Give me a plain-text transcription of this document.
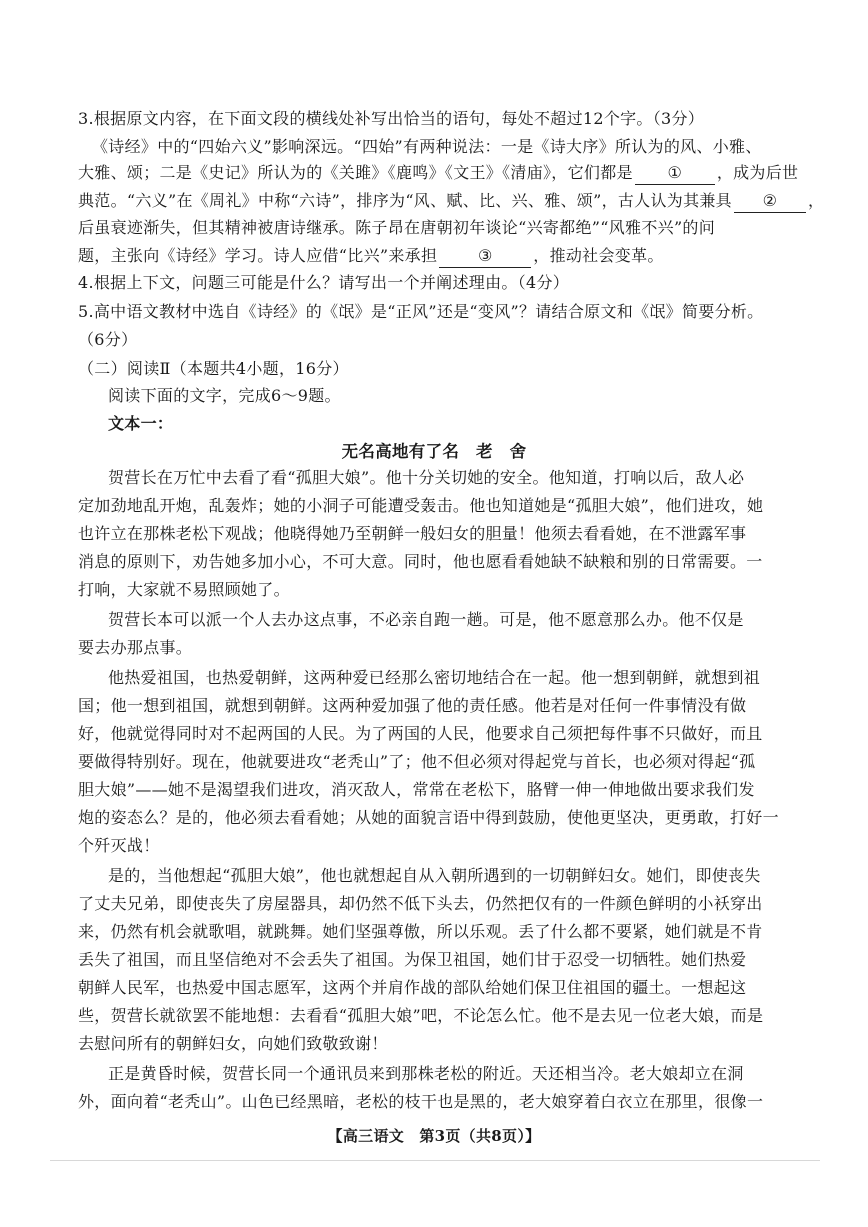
3.根据原文内容，在下面文段的横线处补写出恰当的语句，每处不超过12个字。（3分）
《诗经》中的“四始六义”影响深远。“四始”有两种说法：一是《诗大序》所认为的风、小雅、
大雅、颂；二是《史记》所认为的《关雎》《鹿鸣》《文王》《清庙》，它们都是 ① ，成为后世
典范。“六义”在《周礼》中称“六诗”，排序为“风、赋、比、兴、雅、颂”，古人认为其兼具 ② ，
后虽衰迹渐失，但其精神被唐诗继承。陈子昂在唐朝初年谈论“兴寄都绝”“风雅不兴”的问
题，主张向《诗经》学习。诗人应借“比兴”来承担	③	，推动社会变革。
4.根据上下文，问题三可能是什么？请写出一个并阐述理由。（4分）
5.高中语文教材中选自《诗经》的《氓》是“正风”还是“变风”？请结合原文和《氓》简要分析。
（6分）
（二）阅读Ⅱ（本题共4小题，16分）
阅读下面的文字，完成6～9题。
文本一：
无名高地有了名　老　舍
贺营长在万忙中去看了看“孤胆大娘”。他十分关切她的安全。他知道，打响以后，敌人必
定加劲地乱开炮，乱轰炸；她的小洞子可能遭受轰击。他也知道她是“孤胆大娘”，他们进攻，她
也许立在那株老松下观战；他晓得她乃至朝鲜一般妇女的胆量！他须去看看她，在不泄露军事
消息的原则下，劝告她多加小心，不可大意。同时，他也愿看看她缺不缺粮和别的日常需要。一
打响，大家就不易照顾她了。
贺营长本可以派一个人去办这点事，不必亲自跑一趟。可是，他不愿意那么办。他不仅是
要去办那点事。
他热爱祖国，也热爱朝鲜，这两种爱已经那么密切地结合在一起。他一想到朝鲜，就想到祖
国；他一想到祖国，就想到朝鲜。这两种爱加强了他的责任感。他若是对任何一件事情没有做
好，他就觉得同时对不起两国的人民。为了两国的人民，他要求自己须把每件事不只做好，而且
要做得特别好。现在，他就要进攻“老秃山”了；他不但必须对得起党与首长，也必须对得起“孤
胆大娘”——她不是渴望我们进攻，消灭敌人，常常在老松下，胳臂一伸一伸地做出要求我们发
炮的姿态么？是的，他必须去看看她；从她的面貌言语中得到鼓励，使他更坚决，更勇敢，打好一
个歼灭战！
是的，当他想起“孤胆大娘”，他也就想起自从入朝所遇到的一切朝鲜妇女。她们，即使丧失
了丈夫兄弟，即使丧失了房屋器具，却仍然不低下头去，仍然把仅有的一件颜色鲜明的小袄穿出
来，仍然有机会就歌唱，就跳舞。她们坚强尊傲，所以乐观。丢了什么都不要紧，她们就是不肯
丢失了祖国，而且坚信绝对不会丢失了祖国。为保卫祖国，她们甘于忍受一切牺牲。她们热爱
朝鲜人民军，也热爱中国志愿军，这两个并肩作战的部队给她们保卫住祖国的疆土。一想起这
些，贺营长就欲罢不能地想：去看看“孤胆大娘”吧，不论怎么忙。他不是去见一位老大娘，而是
去慰问所有的朝鲜妇女，向她们致敬致谢！
正是黄昏时候，贺营长同一个通讯员来到那株老松的附近。天还相当冷。老大娘却立在洞
外，面向着“老秃山”。山色已经黑暗，老松的枝干也是黑的，老大娘穿着白衣立在那里，很像一
【高三语文　第3页（共8页）】
